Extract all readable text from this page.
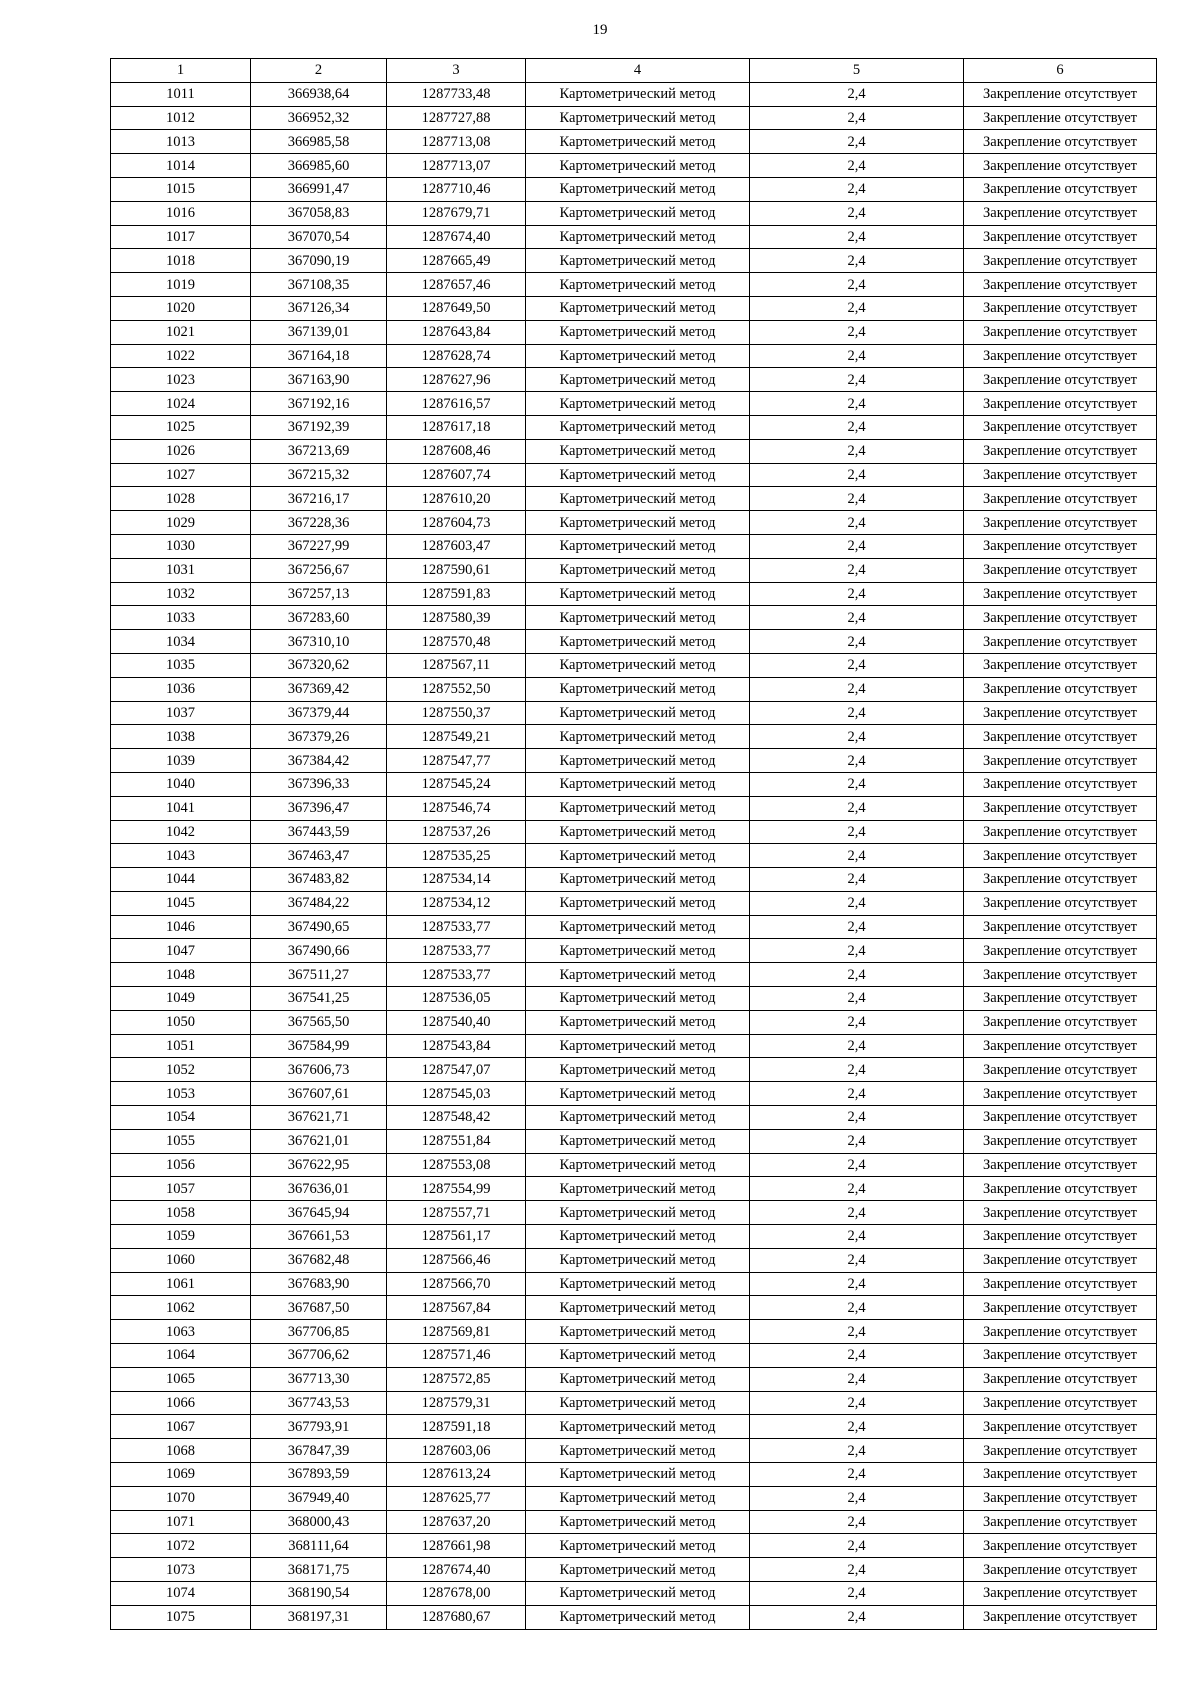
19
1	2	3	4	5	6
1011	366938,64	1287733,48	Картометрический метод	2,4	Закрепление отсутствует
1012	366952,32	1287727,88	Картометрический метод	2,4	Закрепление отсутствует
1013	366985,58	1287713,08	Картометрический метод	2,4	Закрепление отсутствует
1014	366985,60	1287713,07	Картометрический метод	2,4	Закрепление отсутствует
1015	366991,47	1287710,46	Картометрический метод	2,4	Закрепление отсутствует
1016	367058,83	1287679,71	Картометрический метод	2,4	Закрепление отсутствует
1017	367070,54	1287674,40	Картометрический метод	2,4	Закрепление отсутствует
1018	367090,19	1287665,49	Картометрический метод	2,4	Закрепление отсутствует
1019	367108,35	1287657,46	Картометрический метод	2,4	Закрепление отсутствует
1020	367126,34	1287649,50	Картометрический метод	2,4	Закрепление отсутствует
1021	367139,01	1287643,84	Картометрический метод	2,4	Закрепление отсутствует
1022	367164,18	1287628,74	Картометрический метод	2,4	Закрепление отсутствует
1023	367163,90	1287627,96	Картометрический метод	2,4	Закрепление отсутствует
1024	367192,16	1287616,57	Картометрический метод	2,4	Закрепление отсутствует
1025	367192,39	1287617,18	Картометрический метод	2,4	Закрепление отсутствует
1026	367213,69	1287608,46	Картометрический метод	2,4	Закрепление отсутствует
1027	367215,32	1287607,74	Картометрический метод	2,4	Закрепление отсутствует
1028	367216,17	1287610,20	Картометрический метод	2,4	Закрепление отсутствует
1029	367228,36	1287604,73	Картометрический метод	2,4	Закрепление отсутствует
1030	367227,99	1287603,47	Картометрический метод	2,4	Закрепление отсутствует
1031	367256,67	1287590,61	Картометрический метод	2,4	Закрепление отсутствует
1032	367257,13	1287591,83	Картометрический метод	2,4	Закрепление отсутствует
1033	367283,60	1287580,39	Картометрический метод	2,4	Закрепление отсутствует
1034	367310,10	1287570,48	Картометрический метод	2,4	Закрепление отсутствует
1035	367320,62	1287567,11	Картометрический метод	2,4	Закрепление отсутствует
1036	367369,42	1287552,50	Картометрический метод	2,4	Закрепление отсутствует
1037	367379,44	1287550,37	Картометрический метод	2,4	Закрепление отсутствует
1038	367379,26	1287549,21	Картометрический метод	2,4	Закрепление отсутствует
1039	367384,42	1287547,77	Картометрический метод	2,4	Закрепление отсутствует
1040	367396,33	1287545,24	Картометрический метод	2,4	Закрепление отсутствует
1041	367396,47	1287546,74	Картометрический метод	2,4	Закрепление отсутствует
1042	367443,59	1287537,26	Картометрический метод	2,4	Закрепление отсутствует
1043	367463,47	1287535,25	Картометрический метод	2,4	Закрепление отсутствует
1044	367483,82	1287534,14	Картометрический метод	2,4	Закрепление отсутствует
1045	367484,22	1287534,12	Картометрический метод	2,4	Закрепление отсутствует
1046	367490,65	1287533,77	Картометрический метод	2,4	Закрепление отсутствует
1047	367490,66	1287533,77	Картометрический метод	2,4	Закрепление отсутствует
1048	367511,27	1287533,77	Картометрический метод	2,4	Закрепление отсутствует
1049	367541,25	1287536,05	Картометрический метод	2,4	Закрепление отсутствует
1050	367565,50	1287540,40	Картометрический метод	2,4	Закрепление отсутствует
1051	367584,99	1287543,84	Картометрический метод	2,4	Закрепление отсутствует
1052	367606,73	1287547,07	Картометрический метод	2,4	Закрепление отсутствует
1053	367607,61	1287545,03	Картометрический метод	2,4	Закрепление отсутствует
1054	367621,71	1287548,42	Картометрический метод	2,4	Закрепление отсутствует
1055	367621,01	1287551,84	Картометрический метод	2,4	Закрепление отсутствует
1056	367622,95	1287553,08	Картометрический метод	2,4	Закрепление отсутствует
1057	367636,01	1287554,99	Картометрический метод	2,4	Закрепление отсутствует
1058	367645,94	1287557,71	Картометрический метод	2,4	Закрепление отсутствует
1059	367661,53	1287561,17	Картометрический метод	2,4	Закрепление отсутствует
1060	367682,48	1287566,46	Картометрический метод	2,4	Закрепление отсутствует
1061	367683,90	1287566,70	Картометрический метод	2,4	Закрепление отсутствует
1062	367687,50	1287567,84	Картометрический метод	2,4	Закрепление отсутствует
1063	367706,85	1287569,81	Картометрический метод	2,4	Закрепление отсутствует
1064	367706,62	1287571,46	Картометрический метод	2,4	Закрепление отсутствует
1065	367713,30	1287572,85	Картометрический метод	2,4	Закрепление отсутствует
1066	367743,53	1287579,31	Картометрический метод	2,4	Закрепление отсутствует
1067	367793,91	1287591,18	Картометрический метод	2,4	Закрепление отсутствует
1068	367847,39	1287603,06	Картометрический метод	2,4	Закрепление отсутствует
1069	367893,59	1287613,24	Картометрический метод	2,4	Закрепление отсутствует
1070	367949,40	1287625,77	Картометрический метод	2,4	Закрепление отсутствует
1071	368000,43	1287637,20	Картометрический метод	2,4	Закрепление отсутствует
1072	368111,64	1287661,98	Картометрический метод	2,4	Закрепление отсутствует
1073	368171,75	1287674,40	Картометрический метод	2,4	Закрепление отсутствует
1074	368190,54	1287678,00	Картометрический метод	2,4	Закрепление отсутствует
1075	368197,31	1287680,67	Картометрический метод	2,4	Закрепление отсутствует
